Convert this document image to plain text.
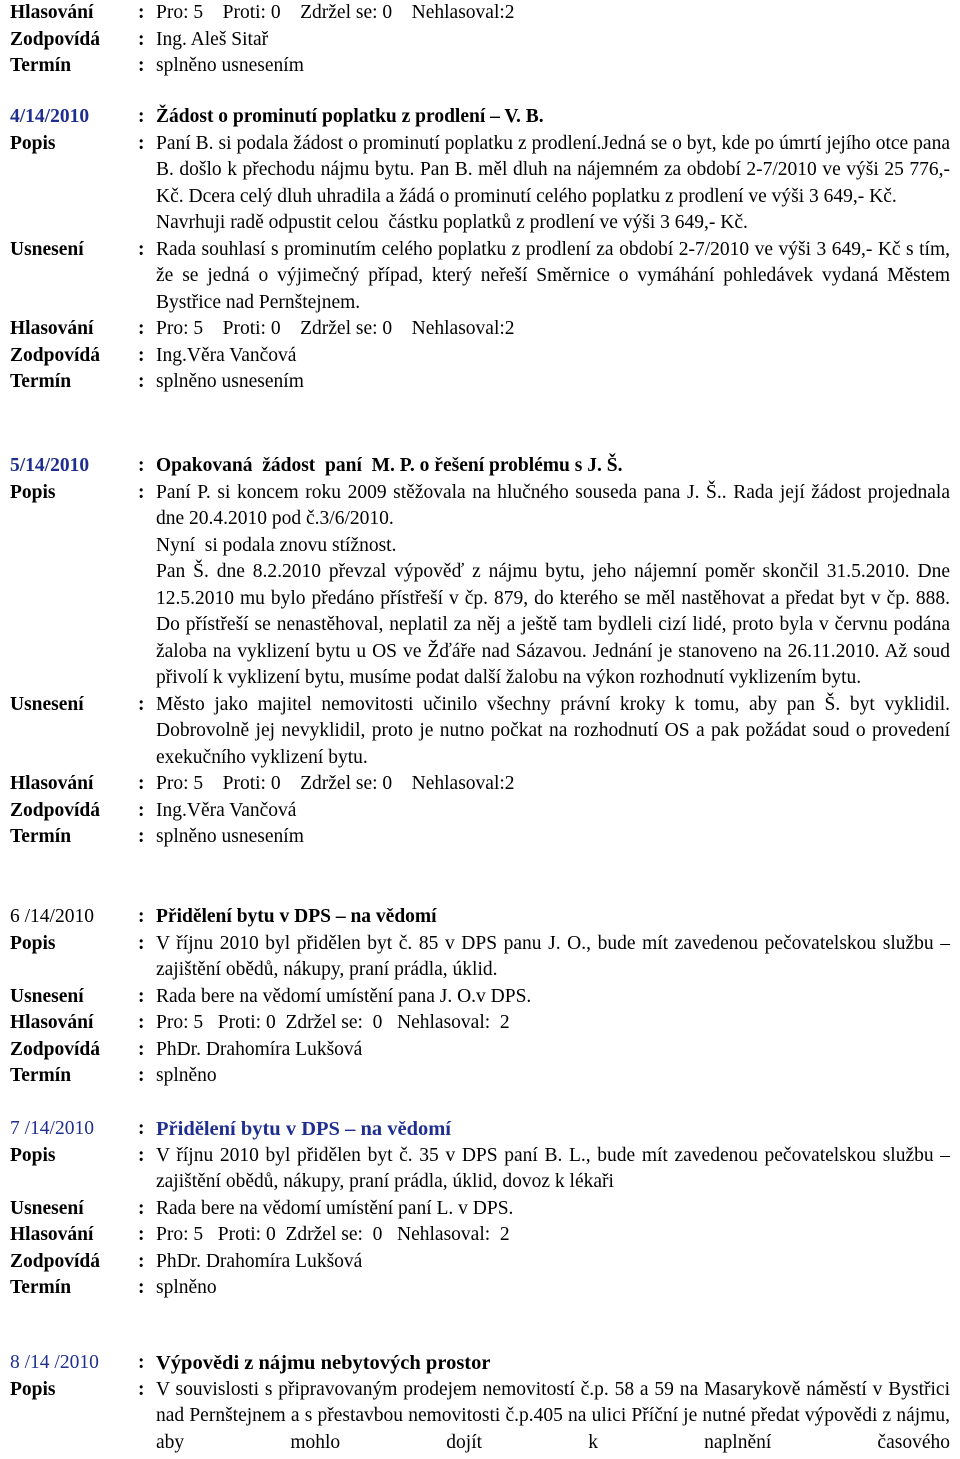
Hlasování : Pro: 5    Proti: 0    Zdržel se: 0    Nehlasoval:2
Zodpovídá : Ing. Aleš Sitař
Termín	: splněno usnesením
4/14/2010	: Žádost o prominutí poplatku z prodlení – V. B.
Popis	: Paní B. si podala žádost o prominutí poplatku z prodlení.Jedná se o byt, kde po úmrtí jejího otce pana B. došlo k přechodu nájmu bytu. Pan B. měl dluh na nájemném za období 2-7/2010 ve výši 25 776,- Kč. Dcera celý dluh uhradila a žádá o prominutí celého poplatku z prodlení ve výši 3 649,- Kč.
Navrhuji radě odpustit celou  částku poplatků z prodlení ve výši 3 649,- Kč.
Usnesení	: Rada souhlasí s prominutím celého poplatku z prodlení za období 2-7/2010 ve výši 3 649,- Kč s tím, že se jedná o výjimečný případ, který neřeší Směrnice o vymáhání pohledávek vydaná Městem Bystřice nad Pernštejnem.
Hlasování : Pro: 5    Proti: 0    Zdržel se: 0    Nehlasoval:2
Zodpovídá : Ing.Věra Vančová
Termín	: splněno usnesením
5/14/2010	: Opakovaná  žádost  paní  M. P. o řešení problému s J. Š.
Popis	: Paní P. si koncem roku 2009 stěžovala na hlučného souseda pana J. Š.. Rada její žádost projednala dne 20.4.2010 pod č.3/6/2010.
Nyní  si podala znovu stížnost.
Pan Š. dne 8.2.2010 převzal výpověď z nájmu bytu, jeho nájemní poměr skončil 31.5.2010. Dne 12.5.2010 mu bylo předáno přístřeší v čp. 879, do kterého se měl nastěhovat a předat byt v čp. 888. Do přístřeší se nenastěhoval, neplatil za něj a ještě tam bydleli cizí lidé, proto byla v červnu podána žaloba na vyklizení bytu u OS ve Žďáře nad Sázavou. Jednání je stanoveno na 26.11.2010. Až soud přivolí k vyklizení bytu, musíme podat další žalobu na výkon rozhodnutí vyklizením bytu.
Usnesení	: Město jako majitel nemovitosti učinilo všechny právní kroky k tomu, aby pan Š. byt vyklidil. Dobrovolně jej nevyklidil, proto je nutno počkat na rozhodnutí OS a pak požádat soud o provedení exekučního vyklizení bytu.
Hlasování : Pro: 5    Proti: 0    Zdržel se: 0    Nehlasoval:2
Zodpovídá : Ing.Věra Vančová
Termín	: splněno usnesením
6 /14/2010 : Přidělení bytu v DPS – na vědomí
Popis	: V říjnu 2010 byl přidělen byt č. 85 v DPS panu J. O., bude mít zavedenou pečovatelskou službu – zajištění obědů, nákupy, praní prádla, úklid.
Usnesení	: Rada bere na vědomí umístění pana J. O.v DPS.
Hlasování : Pro: 5   Proti: 0  Zdržel se:  0   Nehlasoval:  2
Zodpovídá : PhDr. Drahomíra Lukšová
Termín	: splněno
7 /14/2010 : Přidělení bytu v DPS – na vědomí
Popis	: V říjnu 2010 byl přidělen byt č. 35 v DPS paní B. L., bude mít zavedenou pečovatelskou službu – zajištění obědů, nákupy, praní prádla, úklid, dovoz k lékaři
Usnesení	: Rada bere na vědomí umístění paní L. v DPS.
Hlasování : Pro: 5   Proti: 0  Zdržel se:  0   Nehlasoval:  2
Zodpovídá : PhDr. Drahomíra Lukšová
Termín	: splněno
8 /14 /2010 : Výpovědi z nájmu nebytových prostor
Popis	: V souvislosti s připravovaným prodejem nemovitostí č.p. 58 a 59 na Masarykově náměstí v Bystřici nad Pernštejnem a s přestavbou nemovitosti č.p.405 na ulici Příční je nutné předat výpovědi z nájmu, aby mohlo dojít k naplnění časového
